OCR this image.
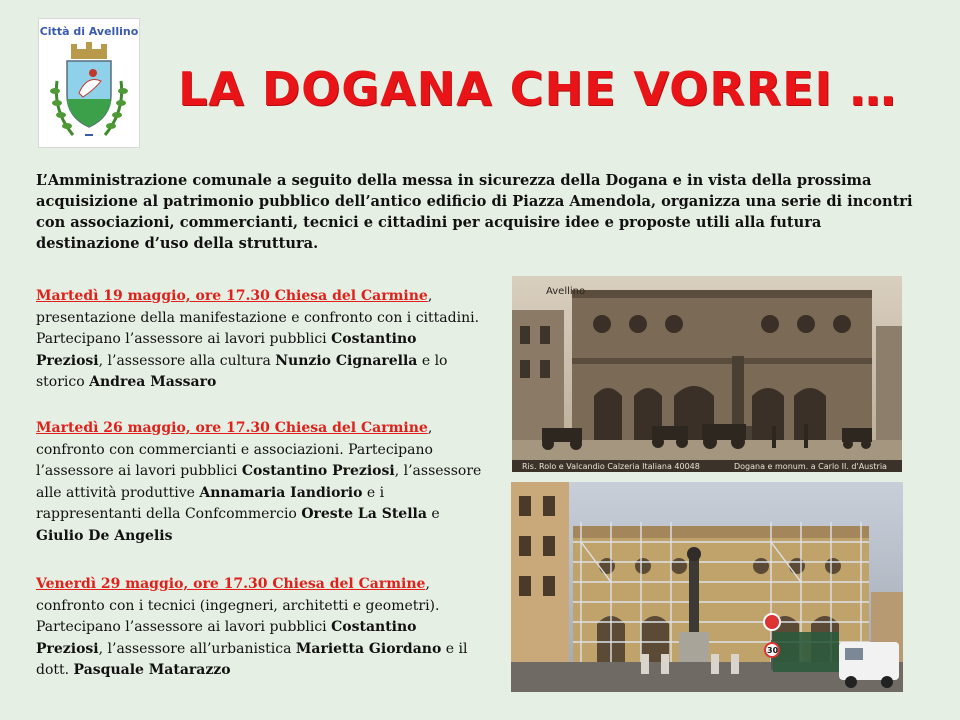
Città di Avellino
LA DOGANA CHE VORREI …
L’Amministrazione comunale a seguito della messa in sicurezza della Dogana e in vista della prossima acquisizione al patrimonio pubblico dell’antico edificio di Piazza Amendola, organizza una serie di incontri con associazioni, commercianti, tecnici e cittadini per acquisire idee e proposte utili alla futura destinazione d’uso della struttura.
Martedì 19 maggio, ore 17.30 Chiesa del Carmine, presentazione della manifestazione e confronto con i cittadini. Partecipano l’assessore ai lavori pubblici Costantino Preziosi, l’assessore alla cultura Nunzio Cignarella e lo storico Andrea Massaro
Martedì 26 maggio, ore 17.30 Chiesa del Carmine, confronto con commercianti e associazioni. Partecipano l’assessore ai lavori pubblici Costantino Preziosi, l’assessore alle attività produttive Annamaria Iandiorio e i rappresentanti della Confcommercio Oreste La Stella e Giulio De Angelis
Venerdì 29 maggio, ore 17.30 Chiesa del Carmine, confronto con i tecnici (ingegneri, architetti e geometri). Partecipano l’assessore ai lavori pubblici Costantino Preziosi, l’assessore all’urbanistica Marietta Giordano e il dott. Pasquale Matarazzo
Avellino
Ris. Rolo e Valcandio Calzeria Italiana 40048	Dogana e monum. a Carlo II. d'Austria
30
